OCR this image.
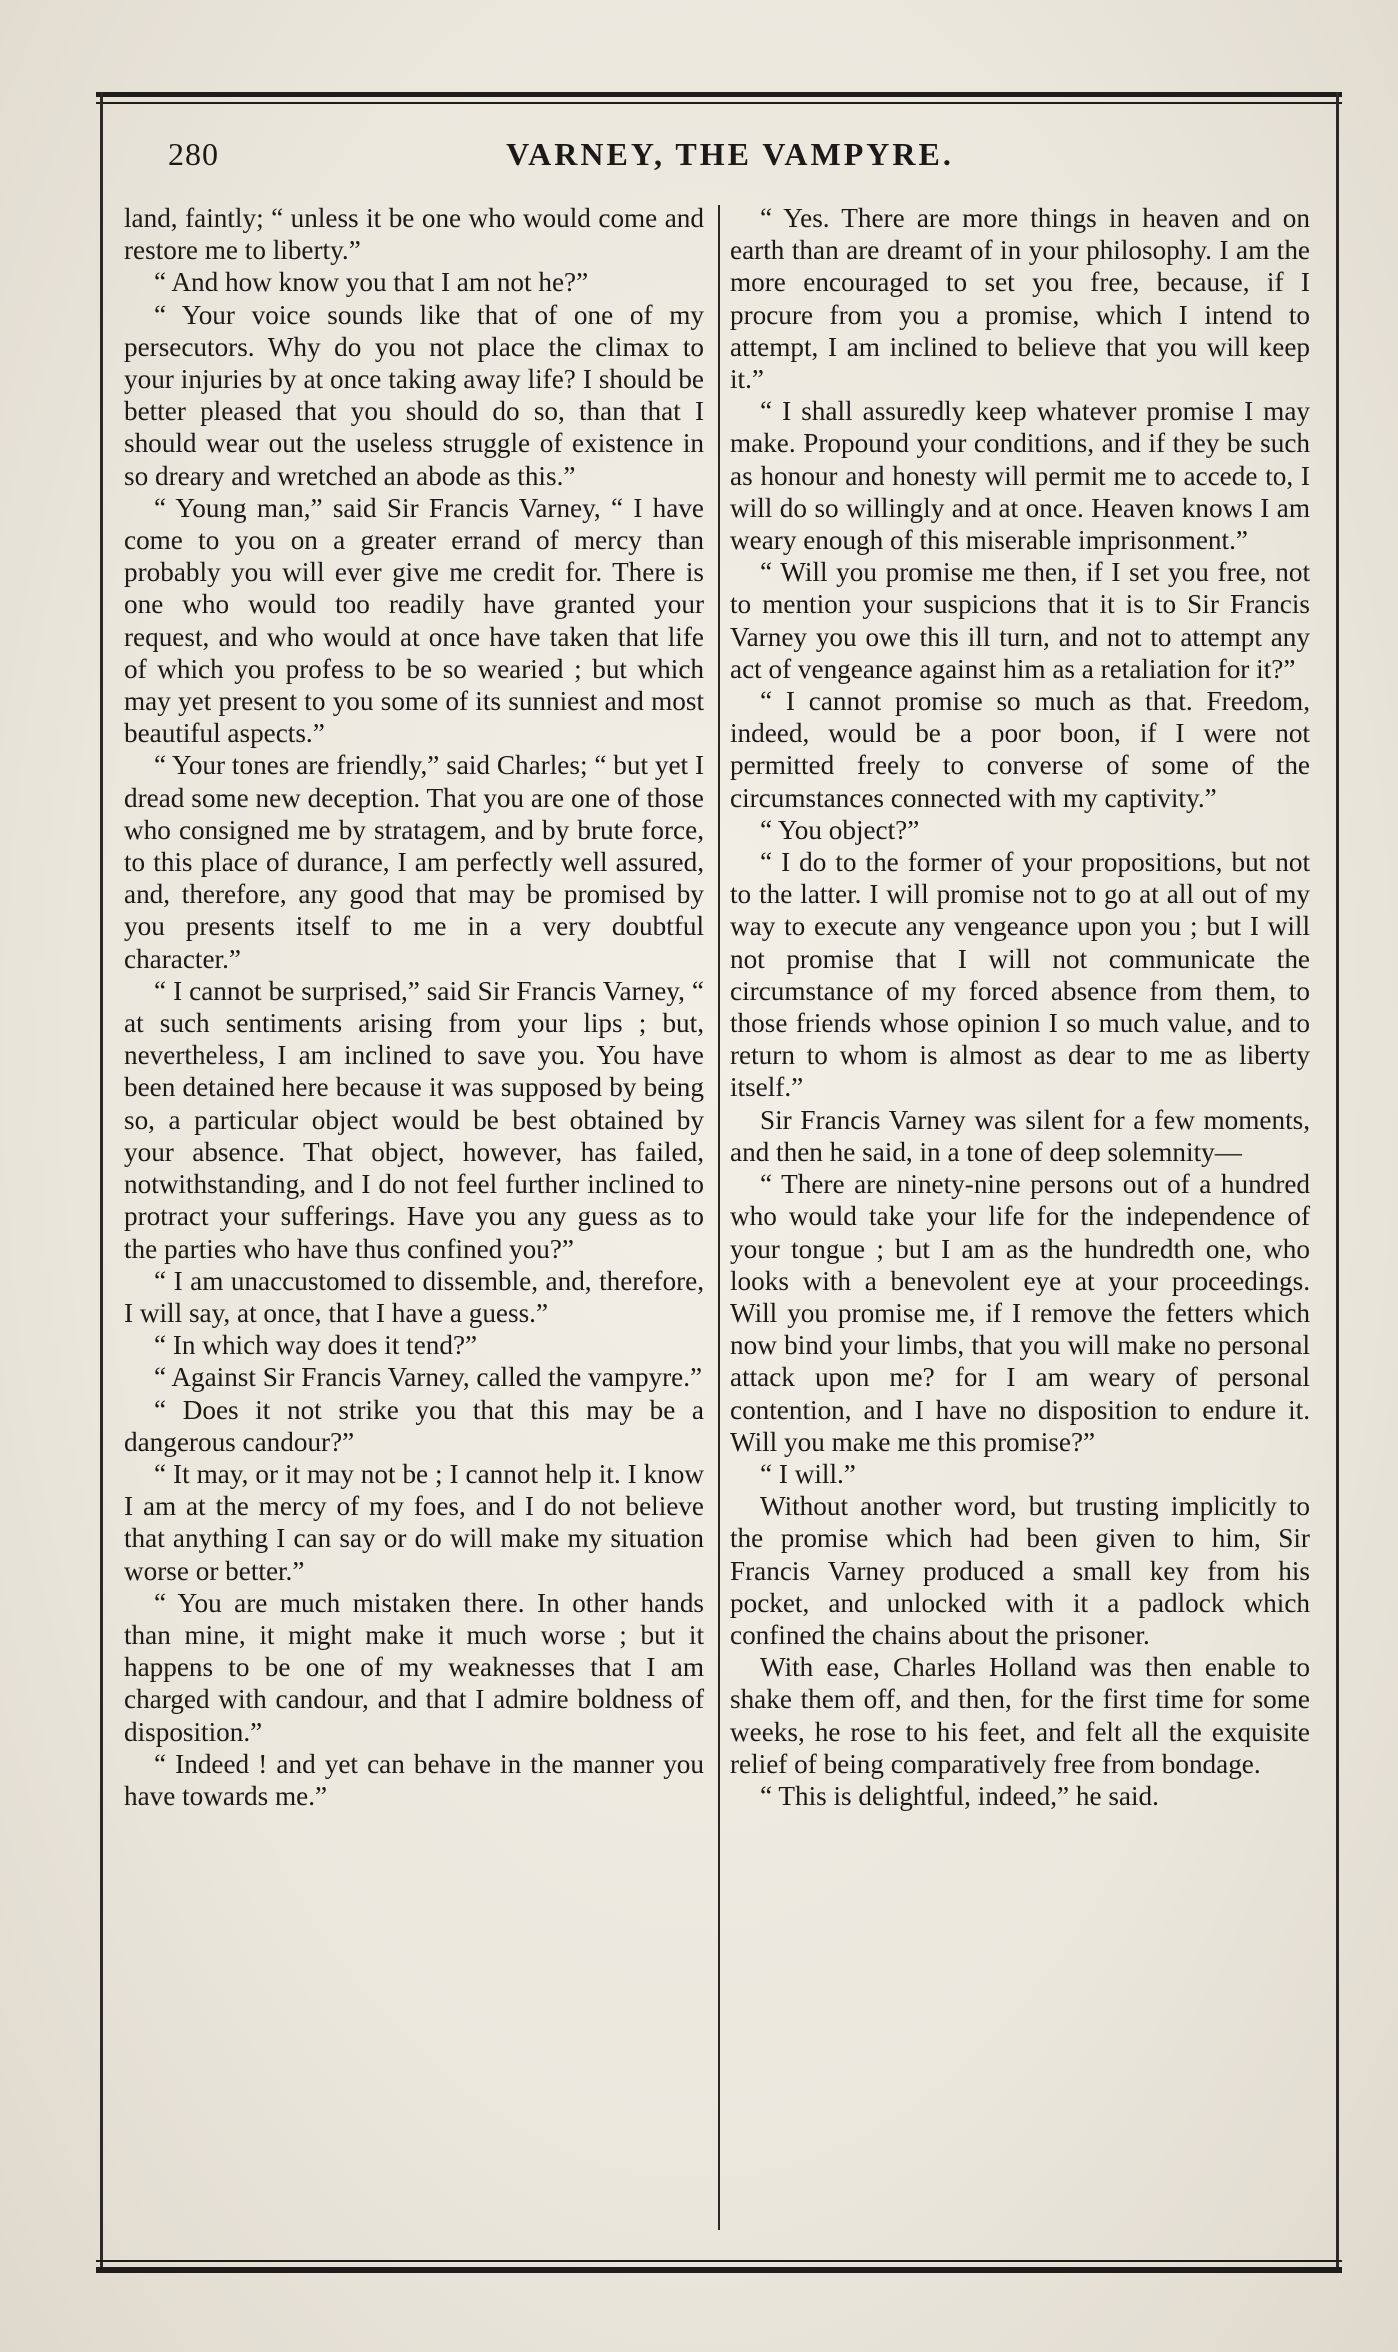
280	VARNEY, THE VAMPYRE.

land, faintly; “ unless it be one who would come and restore me to liberty.”

“ And how know you that I am not he?”

“ Your voice sounds like that of one of my persecutors. Why do you not place the climax to your injuries by at once taking away life? I should be better pleased that you should do so, than that I should wear out the useless struggle of existence in so dreary and wretched an abode as this.”

“ Young man,” said Sir Francis Varney, “ I have come to you on a greater errand of mercy than probably you will ever give me credit for. There is one who would too readily have granted your request, and who would at once have taken that life of which you profess to be so wearied ; but which may yet present to you some of its sunniest and most beautiful aspects.”

“ Your tones are friendly,” said Charles; “ but yet I dread some new deception. That you are one of those who consigned me by stratagem, and by brute force, to this place of durance, I am perfectly well assured, and, therefore, any good that may be promised by you presents itself to me in a very doubtful character.”

“ I cannot be surprised,” said Sir Francis Varney, “ at such sentiments arising from your lips ; but, nevertheless, I am inclined to save you. You have been detained here because it was supposed by being so, a particular object would be best obtained by your absence. That object, however, has failed, notwithstanding, and I do not feel further inclined to protract your sufferings. Have you any guess as to the parties who have thus confined you?”

“ I am unaccustomed to dissemble, and, therefore, I will say, at once, that I have a guess.”

“ In which way does it tend?”

“ Against Sir Francis Varney, called the vampyre.”

“ Does it not strike you that this may be a dangerous candour?”

“ It may, or it may not be ; I cannot help it. I know I am at the mercy of my foes, and I do not believe that anything I can say or do will make my situation worse or better.”

“ You are much mistaken there. In other hands than mine, it might make it much worse ; but it happens to be one of my weaknesses that I am charged with candour, and that I admire boldness of disposition.”

“ Indeed ! and yet can behave in the manner you have towards me.”

“ Yes. There are more things in heaven and on earth than are dreamt of in your philosophy. I am the more encouraged to set you free, because, if I procure from you a promise, which I intend to attempt, I am inclined to believe that you will keep it.”

“ I shall assuredly keep whatever promise I may make. Propound your conditions, and if they be such as honour and honesty will permit me to accede to, I will do so willingly and at once. Heaven knows I am weary enough of this miserable imprisonment.”

“ Will you promise me then, if I set you free, not to mention your suspicions that it is to Sir Francis Varney you owe this ill turn, and not to attempt any act of vengeance against him as a retaliation for it?”

“ I cannot promise so much as that. Freedom, indeed, would be a poor boon, if I were not permitted freely to converse of some of the circumstances connected with my captivity.”

“ You object?”

“ I do to the former of your propositions, but not to the latter. I will promise not to go at all out of my way to execute any vengeance upon you ; but I will not promise that I will not communicate the circumstance of my forced absence from them, to those friends whose opinion I so much value, and to return to whom is almost as dear to me as liberty itself.”

Sir Francis Varney was silent for a few moments, and then he said, in a tone of deep solemnity—

“ There are ninety-nine persons out of a hundred who would take your life for the independence of your tongue ; but I am as the hundredth one, who looks with a benevolent eye at your proceedings. Will you promise me, if I remove the fetters which now bind your limbs, that you will make no personal attack upon me? for I am weary of personal contention, and I have no disposition to endure it. Will you make me this promise?”

“ I will.”

Without another word, but trusting implicitly to the promise which had been given to him, Sir Francis Varney produced a small key from his pocket, and unlocked with it a padlock which confined the chains about the prisoner.

With ease, Charles Holland was then enable to shake them off, and then, for the first time for some weeks, he rose to his feet, and felt all the exquisite relief of being comparatively free from bondage.

“ This is delightful, indeed,” he said.
